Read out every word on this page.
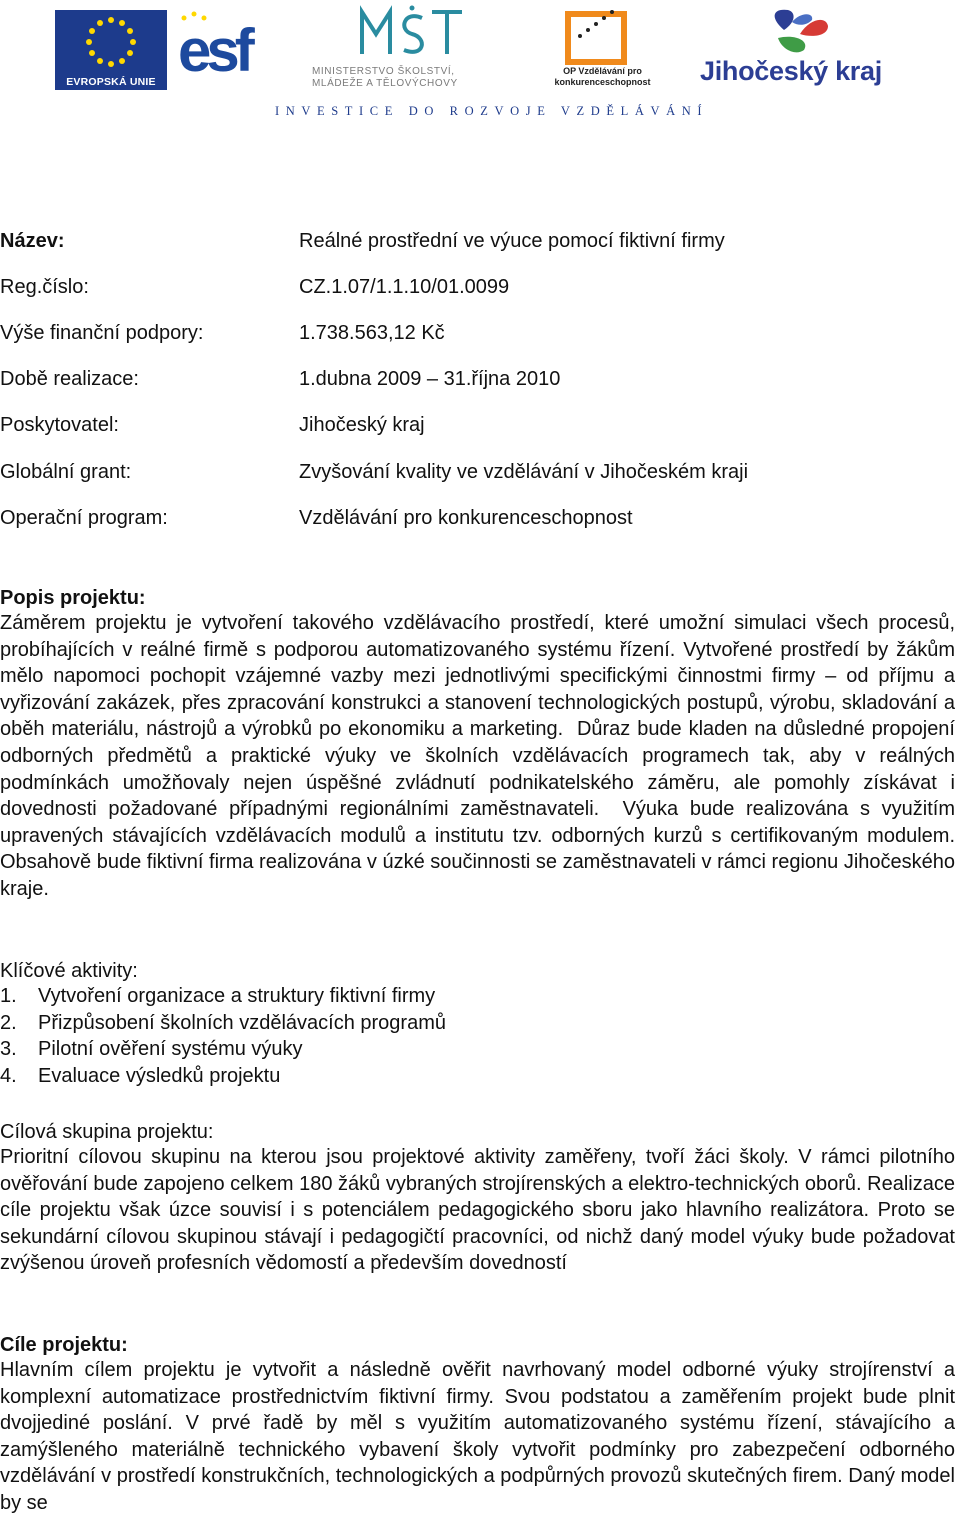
EVROPSKÁ UNIE esf	MINISTERSTVO ŠKOLSTVÍ, MLÁDEŽE A TĚLOVÝCHOVY
OP Vzdělávání pro konkurenceschopnost	Jihočeský kraj
INVESTICE DO ROZVOJE VZDĚLÁVÁNÍ
Název:	Reálné prostřední ve výuce pomocí fiktivní firmy
Reg.číslo:	CZ.1.07/1.1.10/01.0099
Výše finanční podpory:	1.738.563,12 Kč
Době realizace:	1.dubna 2009 – 31.října 2010
Poskytovatel:	Jihočeský kraj
Globální grant:	Zvyšování kvality ve vzdělávání v Jihočeském kraji
Operační program:	Vzdělávání pro konkurenceschopnost
Popis projektu:

Záměrem projektu je vytvoření takového vzdělávacího prostředí, které umožní simulaci všech procesů, probíhajících v reálné firmě s podporou automatizovaného systému řízení. Vytvořené prostředí by žákům mělo napomoci pochopit vzájemné vazby mezi jednotlivými specifickými činnostmi firmy – od příjmu a vyřizování zakázek, přes zpracování konstrukci a stanovení technologických postupů, výrobu, skladování a oběh materiálu, nástrojů a výrobků po ekonomiku a marketing. Důraz bude kladen na důsledné propojení odborných předmětů a praktické výuky ve školních vzdělávacích programech tak, aby v reálných podmínkách umožňovaly nejen úspěšné zvládnutí podnikatelského záměru, ale pomohly získávat i dovednosti požadované případnými regionálními zaměstnavateli. Výuka bude realizována s využitím upravených stávajících vzdělávacích modulů a institutu tzv. odborných kurzů s certifikovaným modulem. Obsahově bude fiktivní firma realizována v úzké součinnosti se zaměstnavateli v rámci regionu Jihočeského kraje.

Klíčové aktivity:
1. Vytvoření organizace a struktury fiktivní firmy
2. Přizpůsobení školních vzdělávacích programů
3. Pilotní ověření systému výuky
4. Evaluace výsledků projektu
Cílová skupina projektu:

Prioritní cílovou skupinu na kterou jsou projektové aktivity zaměřeny, tvoří žáci školy. V rámci pilotního ověřování bude zapojeno celkem 180 žáků vybraných strojírenských a elektro-technických oborů. Realizace cíle projektu však úzce souvisí i s potenciálem pedagogického sboru jako hlavního realizátora. Proto se sekundární cílovou skupinou stávají i pedagogičtí pracovníci, od nichž daný model výuky bude požadovat zvýšenou úroveň profesních vědomostí a především dovedností

Cíle projektu:

Hlavním cílem projektu je vytvořit a následně ověřit navrhovaný model odborné výuky strojírenství a komplexní automatizace prostřednictvím fiktivní firmy. Svou podstatou a zaměřením projekt bude plnit dvojjediné poslání. V prvé řadě by měl s využitím automatizovaného systému řízení, stávajícího a zamýšleného materiálně technického vybavení školy vytvořit podmínky pro zabezpečení odborného vzdělávání v prostředí konstrukčních, technologických a podpůrných provozů skutečných firem. Daný model by se
